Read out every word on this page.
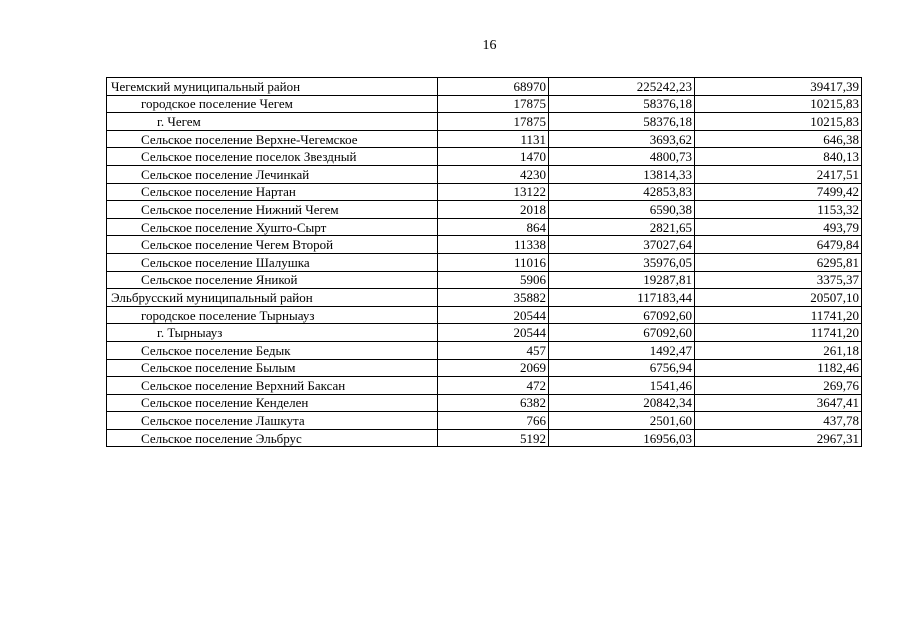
16
Чегемский муниципальный район	68970	225242,23	39417,39
городское поселение Чегем	17875	58376,18	10215,83
г. Чегем	17875	58376,18	10215,83
Сельское поселение Верхне-Чегемское	1131	3693,62	646,38
Сельское поселение поселок Звездный	1470	4800,73	840,13
Сельское поселение Лечинкай	4230	13814,33	2417,51
Сельское поселение Нартан	13122	42853,83	7499,42
Сельское поселение Нижний Чегем	2018	6590,38	1153,32
Сельское поселение Хушто-Сырт	864	2821,65	493,79
Сельское поселение Чегем Второй	11338	37027,64	6479,84
Сельское поселение Шалушка	11016	35976,05	6295,81
Сельское поселение Яникой	5906	19287,81	3375,37
Эльбрусский муниципальный район	35882	117183,44	20507,10
городское поселение Тырныауз	20544	67092,60	11741,20
г. Тырныауз	20544	67092,60	11741,20
Сельское поселение Бедык	457	1492,47	261,18
Сельское поселение Былым	2069	6756,94	1182,46
Сельское поселение Верхний Баксан	472	1541,46	269,76
Сельское поселение Кенделен	6382	20842,34	3647,41
Сельское поселение Лашкута	766	2501,60	437,78
Сельское поселение Эльбрус	5192	16956,03	2967,31
